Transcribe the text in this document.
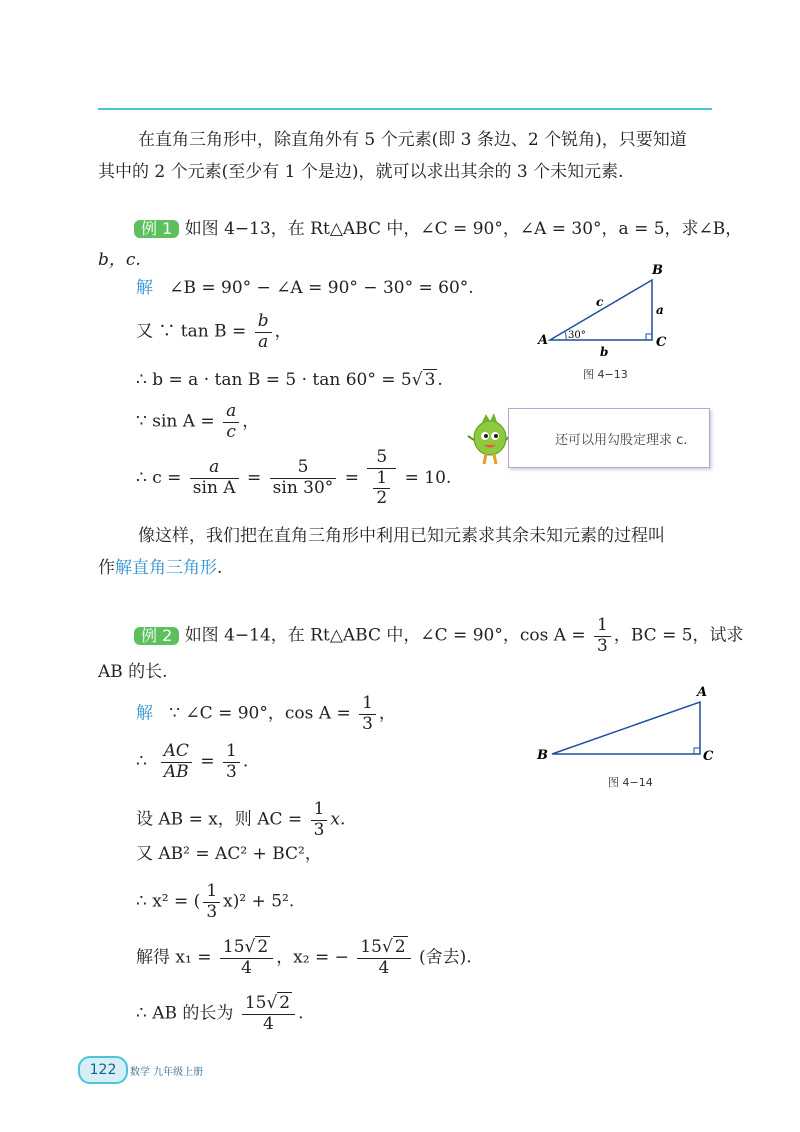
在直角三角形中，除直角外有 5 个元素(即 3 条边、2 个锐角)，只要知道
其中的 2 个元素(至少有 1 个是边)，就可以求出其余的 3 个未知元素.
例 1 如图 4−13，在 Rt△ABC 中，∠C = 90°，∠A = 30°，a = 5，求∠B，
b，c.
解 ∠B = 90° − ∠A = 90° − 30° = 60°.
又 ∵ $\tan B = \frac{b}{a}$ ，
∴ b = a · tan B = 5 · tan 60° = 5√ 3 .
∵ $\sin A = \frac{a}{c}$ ，
∴ $c = \frac{a}{\text{sin A}} = \frac{5}{\sin 30^\circ} = \frac{5}{\frac{1}{2}} = 10$.
A
B
C
a
b
c
30°
图 4−13
还可以用勾股定理求 c.
像这样，我们把在直角三角形中利用已知元素求其余未知元素的过程叫
作解直角三角形.
例 2 如图 4−14，在 Rt△ABC 中，∠C = 90°，$\cos A = \frac{1}{3}$ ，BC = 5，试求
AB 的长.
解 ∵ ∠C = 90°，$\cos A = \frac{1}{3}$ ，
∴ $\frac{AC}{AB} = \frac{1}{3}$ .
设 AB = x，则 AC = $\frac{1}{3} x$.
又 AB² = AC² + BC²，
∴ x² = ( $\frac{1}{3} x)^2 + 5^2$.
解得 $x_1 = \frac{15√ 2}{4}$ ，x₂ = − $\frac{15√ 2}{4}$ (舍去).
∴ AB 的长为 $\frac{15√ 2}{4}$ .
B
A
C
图 4−14
122	数学 九年级上册
